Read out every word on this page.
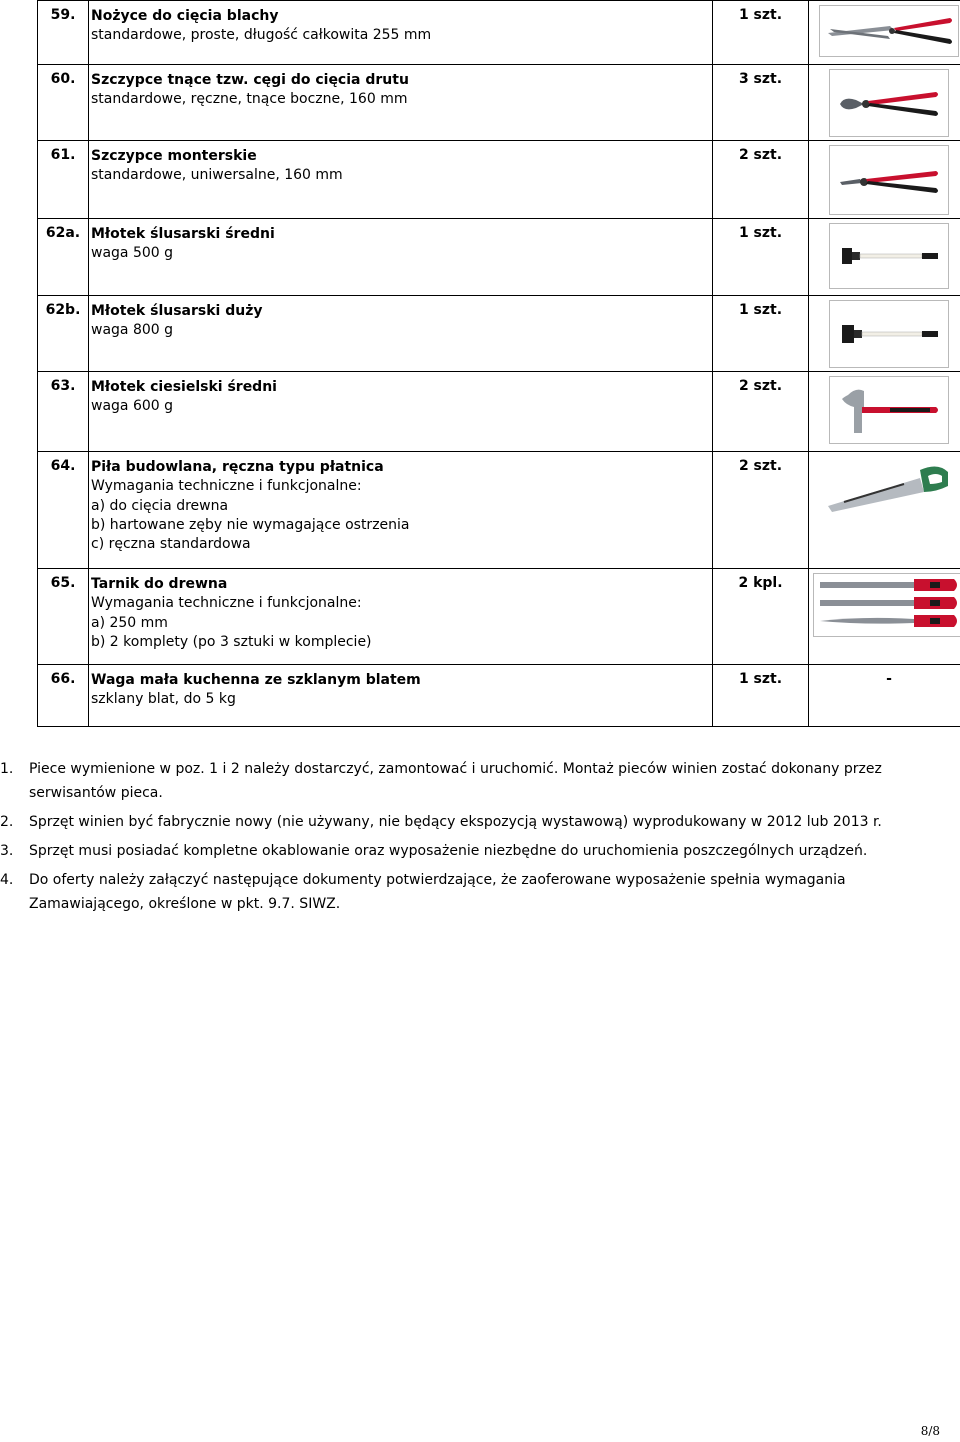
59.	Nożyce do cięcia blachy
standardowe, proste, długość całkowita 255 mm	1 szt.	
60.	Szczypce tnące tzw. cęgi do cięcia drutu
standardowe, ręczne, tnące boczne, 160 mm	3 szt.	
61.	Szczypce monterskie
standardowe, uniwersalne, 160 mm	2 szt.	
62a.	Młotek ślusarski średni
waga 500 g	1 szt.	
62b.	Młotek ślusarski duży
waga 800 g	1 szt.	
63.	Młotek ciesielski średni
waga 600 g	2 szt.	
64.	Piła budowlana, ręczna typu płatnica
Wymagania techniczne i funkcjonalne:
a) do cięcia drewna
b) hartowane zęby nie wymagające ostrzenia
c) ręczna standardowa	2 szt.	
65.	Tarnik do drewna
Wymagania techniczne i funkcjonalne:
a) 250 mm
b) 2 komplety (po 3 sztuki w komplecie)	2 kpl.	
66.	Waga mała kuchenna ze szklanym blatem
szklany blat, do 5 kg	1 szt.	-
1. Piece wymienione w poz. 1 i 2 należy dostarczyć, zamontować i uruchomić. Montaż pieców winien zostać dokonany przez serwisantów pieca.
2. Sprzęt winien być fabrycznie nowy (nie używany, nie będący ekspozycją wystawową) wyprodukowany w 2012 lub 2013 r.
3. Sprzęt musi posiadać kompletne okablowanie oraz wyposażenie niezbędne do uruchomienia poszczególnych urządzeń.
4. Do oferty należy załączyć następujące dokumenty potwierdzające, że zaoferowane wyposażenie spełnia wymagania Zamawiającego, określone w pkt. 9.7. SIWZ.
8/8
